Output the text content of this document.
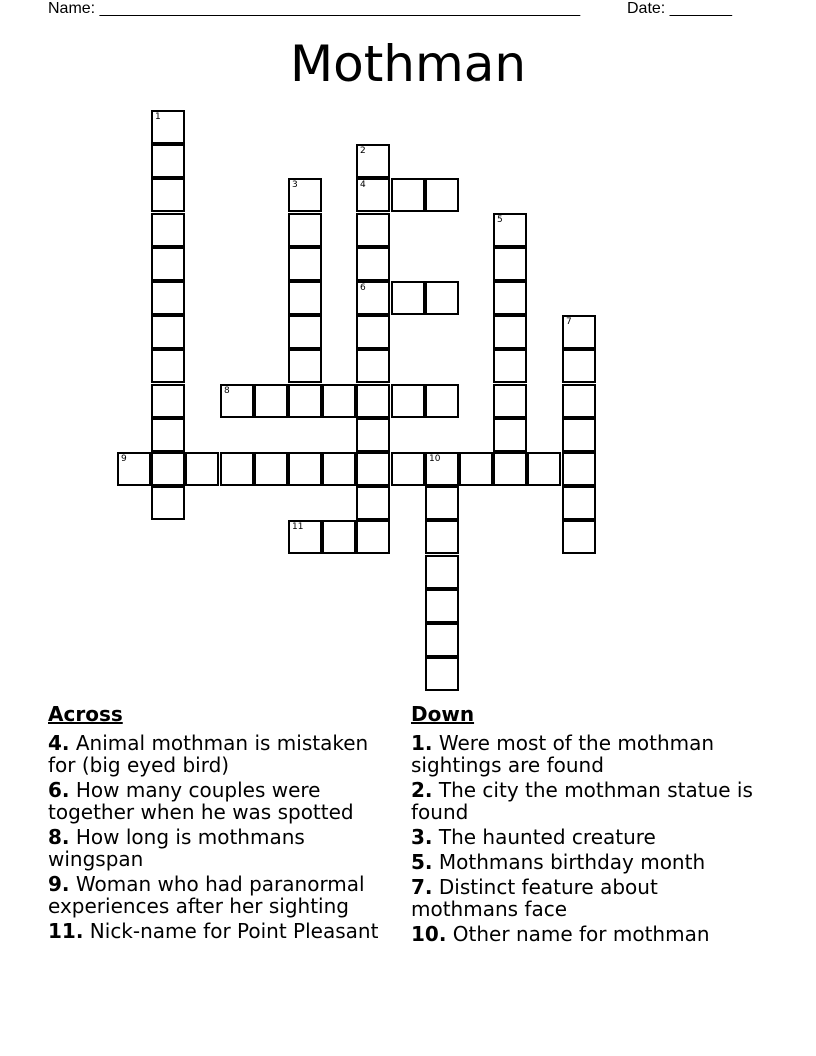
Name: ______________________________________________________	Date: _______
Mothman
1
2
4
6
3
5
7
8
9	10
11
Across
4. Animal mothman is mistaken for (big eyed bird)
6. How many couples were together when he was spotted
8. How long is mothmans wingspan
9. Woman who had paranormal experiences after her sighting
11. Nick-name for Point Pleasant
Down
1. Were most of the mothman sightings are found
2. The city the mothman statue is found
3. The haunted creature
5. Mothmans birthday month
7. Distinct feature about mothmans face
10. Other name for mothman
